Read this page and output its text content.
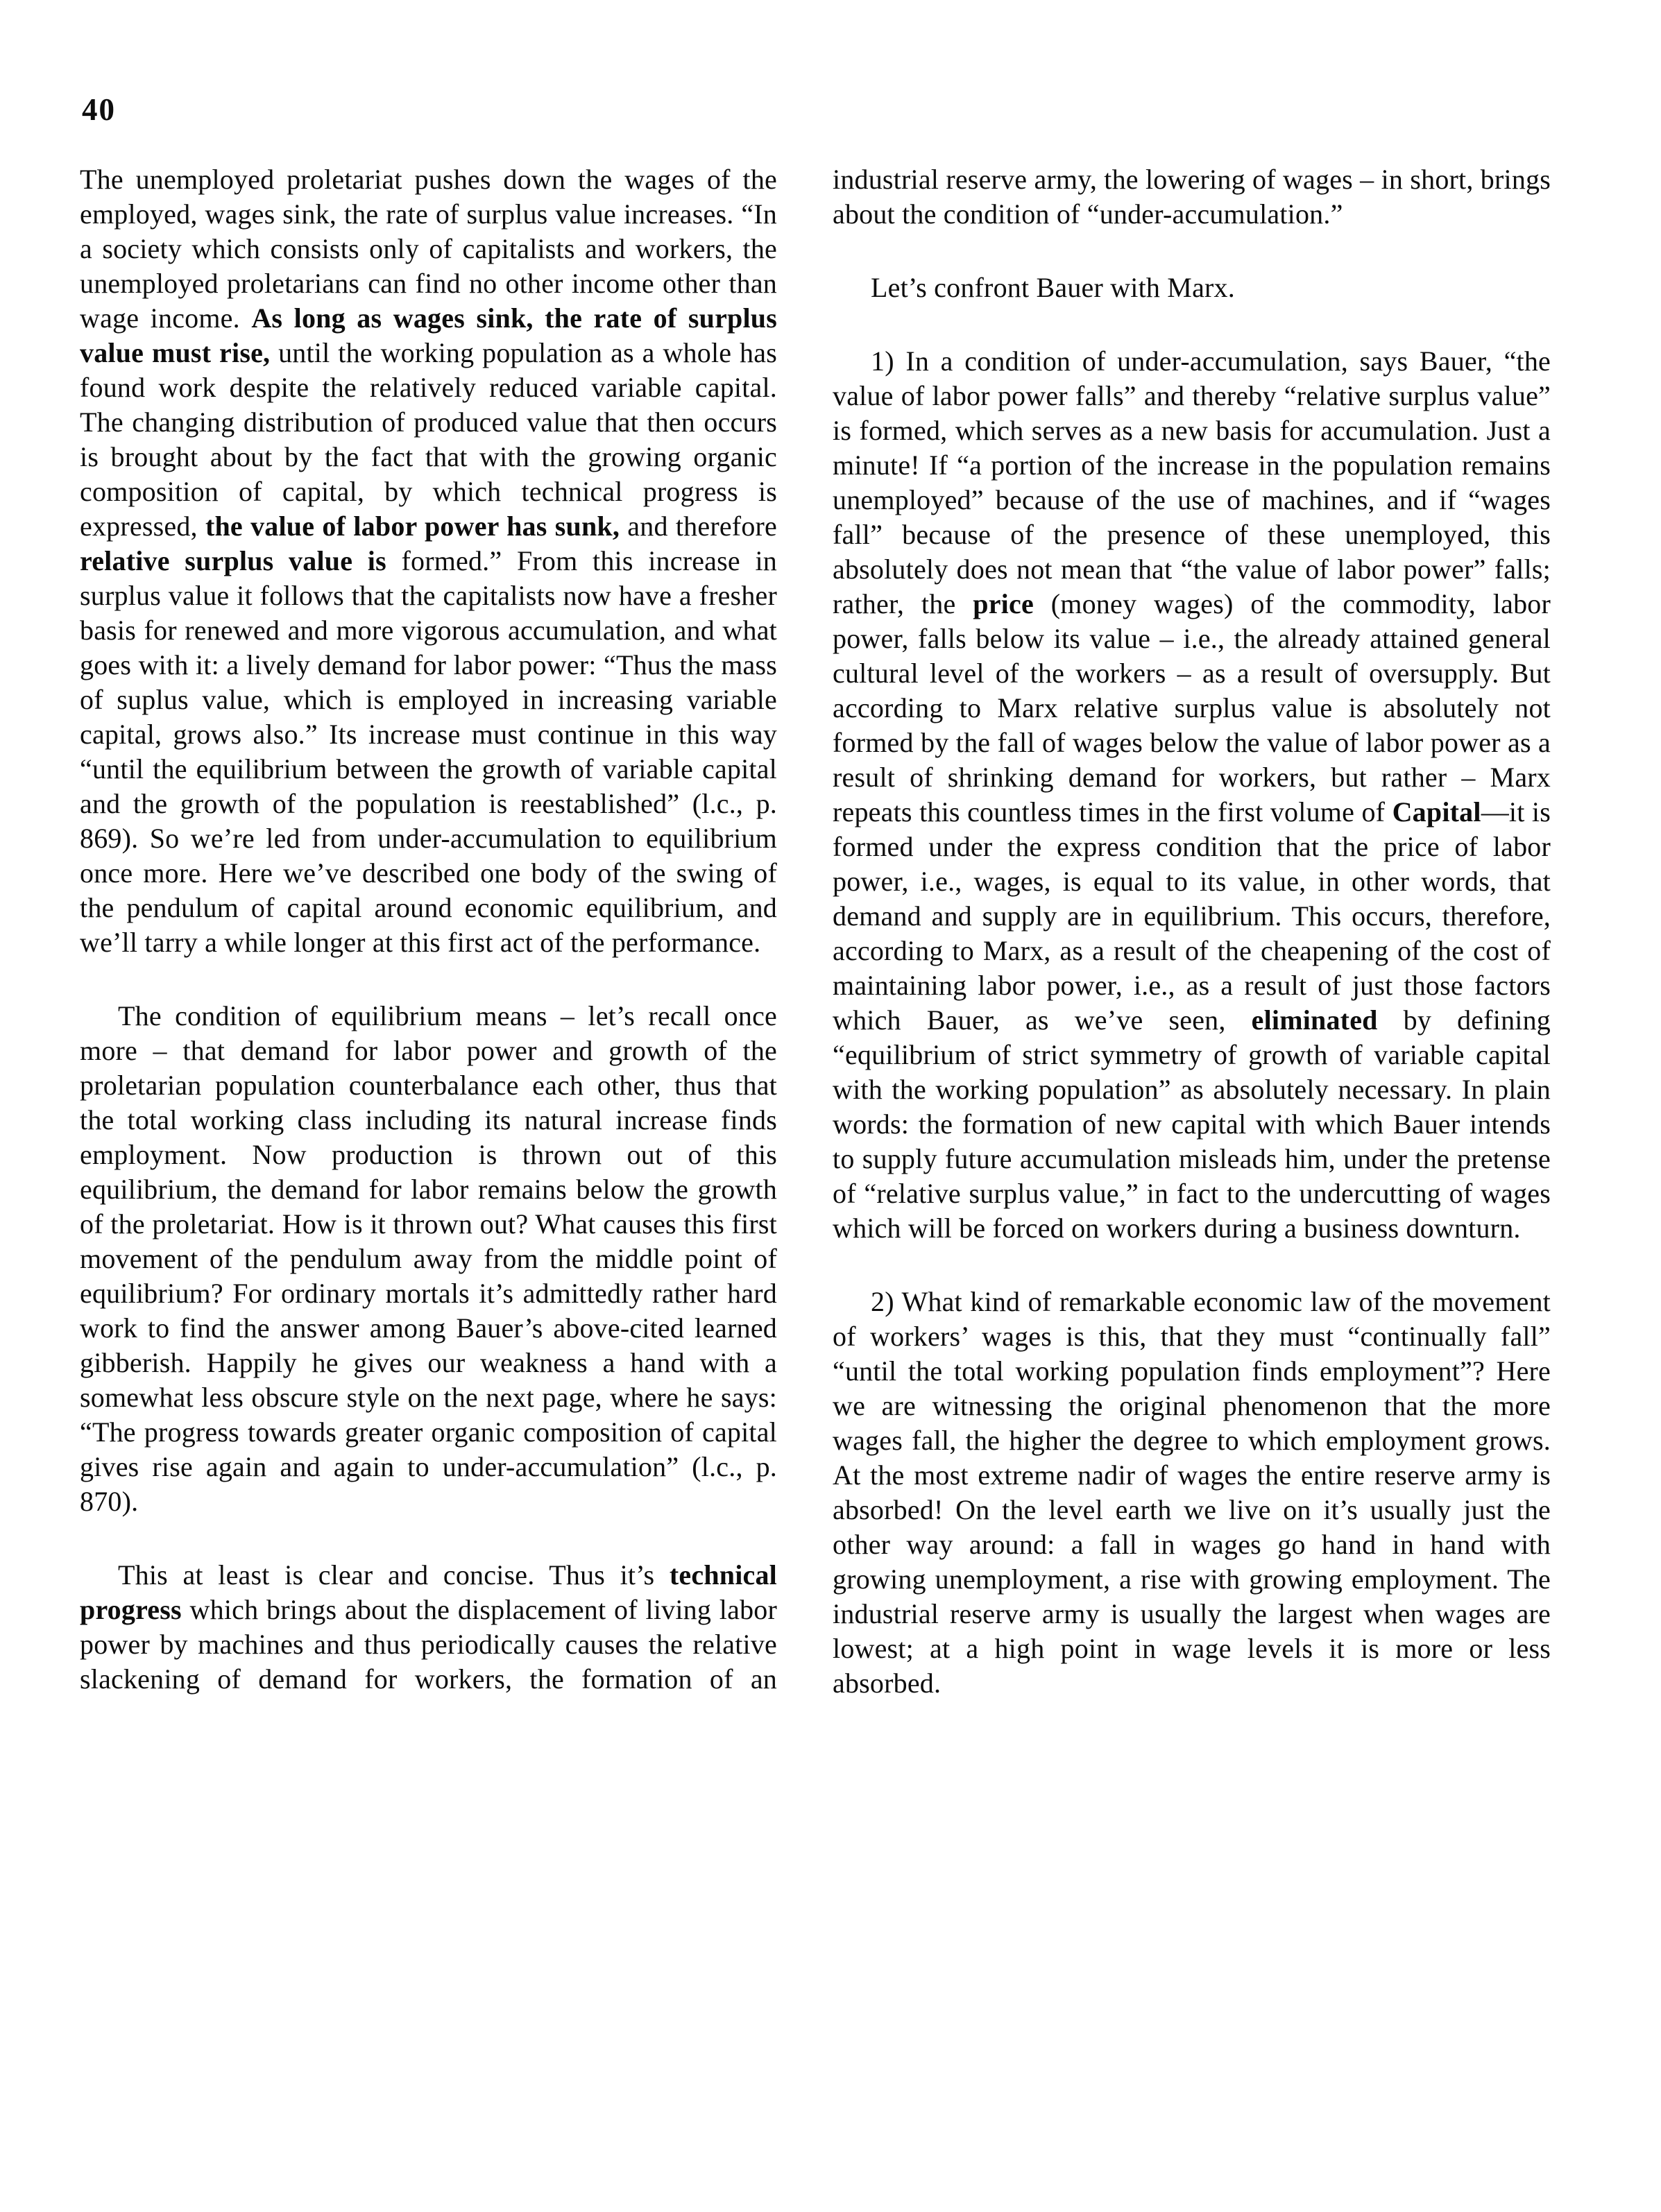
40

The unemployed proletariat pushes down the wages of the employed, wages sink, the rate of surplus value increases. “In a society which consists only of capitalists and workers, the unemployed proletarians can find no other income other than wage income. As long as wages sink, the rate of surplus value must rise, until the working population as a whole has found work despite the relatively reduced variable capital. The changing distribution of produced value that then occurs is brought about by the fact that with the growing organic composition of capital, by which technical progress is expressed, the value of labor power has sunk, and therefore relative surplus value is formed.” From this increase in surplus value it follows that the capitalists now have a fresher basis for renewed and more vigorous accumulation, and what goes with it: a lively demand for labor power: “Thus the mass of suplus value, which is employed in increasing variable capital, grows also.” Its increase must continue in this way “until the equilibrium between the growth of variable capital and the growth of the population is reestablished” (l.c., p. 869). So we’re led from under-accumulation to equilibrium once more. Here we’ve described one body of the swing of the pendulum of capital around economic equilibrium, and we’ll tarry a while longer at this first act of the performance.

The condition of equilibrium means – let’s recall once more – that demand for labor power and growth of the proletarian population counterbalance each other, thus that the total working class including its natural increase finds employment. Now production is thrown out of this equilibrium, the demand for labor remains below the growth of the proletariat. How is it thrown out? What causes this first movement of the pendulum away from the middle point of equilibrium? For ordinary mortals it’s admittedly rather hard work to find the answer among Bauer’s above-cited learned gibberish. Happily he gives our weakness a hand with a somewhat less obscure style on the next page, where he says: “The progress towards greater organic composition of capital gives rise again and again to under-accumulation” (l.c., p. 870).

This at least is clear and concise. Thus it’s technical progress which brings about the displacement of living labor power by machines and thus periodically causes the relative slackening of demand for workers, the formation of an

industrial reserve army, the lowering of wages – in short, brings about the condition of “under-accumulation.”

Let’s confront Bauer with Marx.

1) In a condition of under-accumulation, says Bauer, “the value of labor power falls” and thereby “relative surplus value” is formed, which serves as a new basis for accumulation. Just a minute! If “a portion of the increase in the population remains unemployed” because of the use of machines, and if “wages fall” because of the presence of these unemployed, this absolutely does not mean that “the value of labor power” falls; rather, the price (money wages) of the commodity, labor power, falls below its value – i.e., the already attained general cultural level of the workers – as a result of oversupply. But according to Marx relative surplus value is absolutely not formed by the fall of wages below the value of labor power as a result of shrinking demand for workers, but rather – Marx repeats this countless times in the first volume of Capital—it is formed under the express condition that the price of labor power, i.e., wages, is equal to its value, in other words, that demand and supply are in equilibrium. This occurs, therefore, according to Marx, as a result of the cheapening of the cost of maintaining labor power, i.e., as a result of just those factors which Bauer, as we’ve seen, eliminated by defining “equilibrium of strict symmetry of growth of variable capital with the working population” as absolutely necessary. In plain words: the formation of new capital with which Bauer intends to supply future accumulation misleads him, under the pretense of “relative surplus value,” in fact to the undercutting of wages which will be forced on workers during a business downturn.

2) What kind of remarkable economic law of the movement of workers’ wages is this, that they must “continually fall” “until the total working population finds employment”? Here we are witnessing the original phenomenon that the more wages fall, the higher the degree to which employment grows. At the most extreme nadir of wages the entire reserve army is absorbed! On the level earth we live on it’s usually just the other way around: a fall in wages go hand in hand with growing unemployment, a rise with growing employment. The industrial reserve army is usually the largest when wages are lowest; at a high point in wage levels it is more or less absorbed.
